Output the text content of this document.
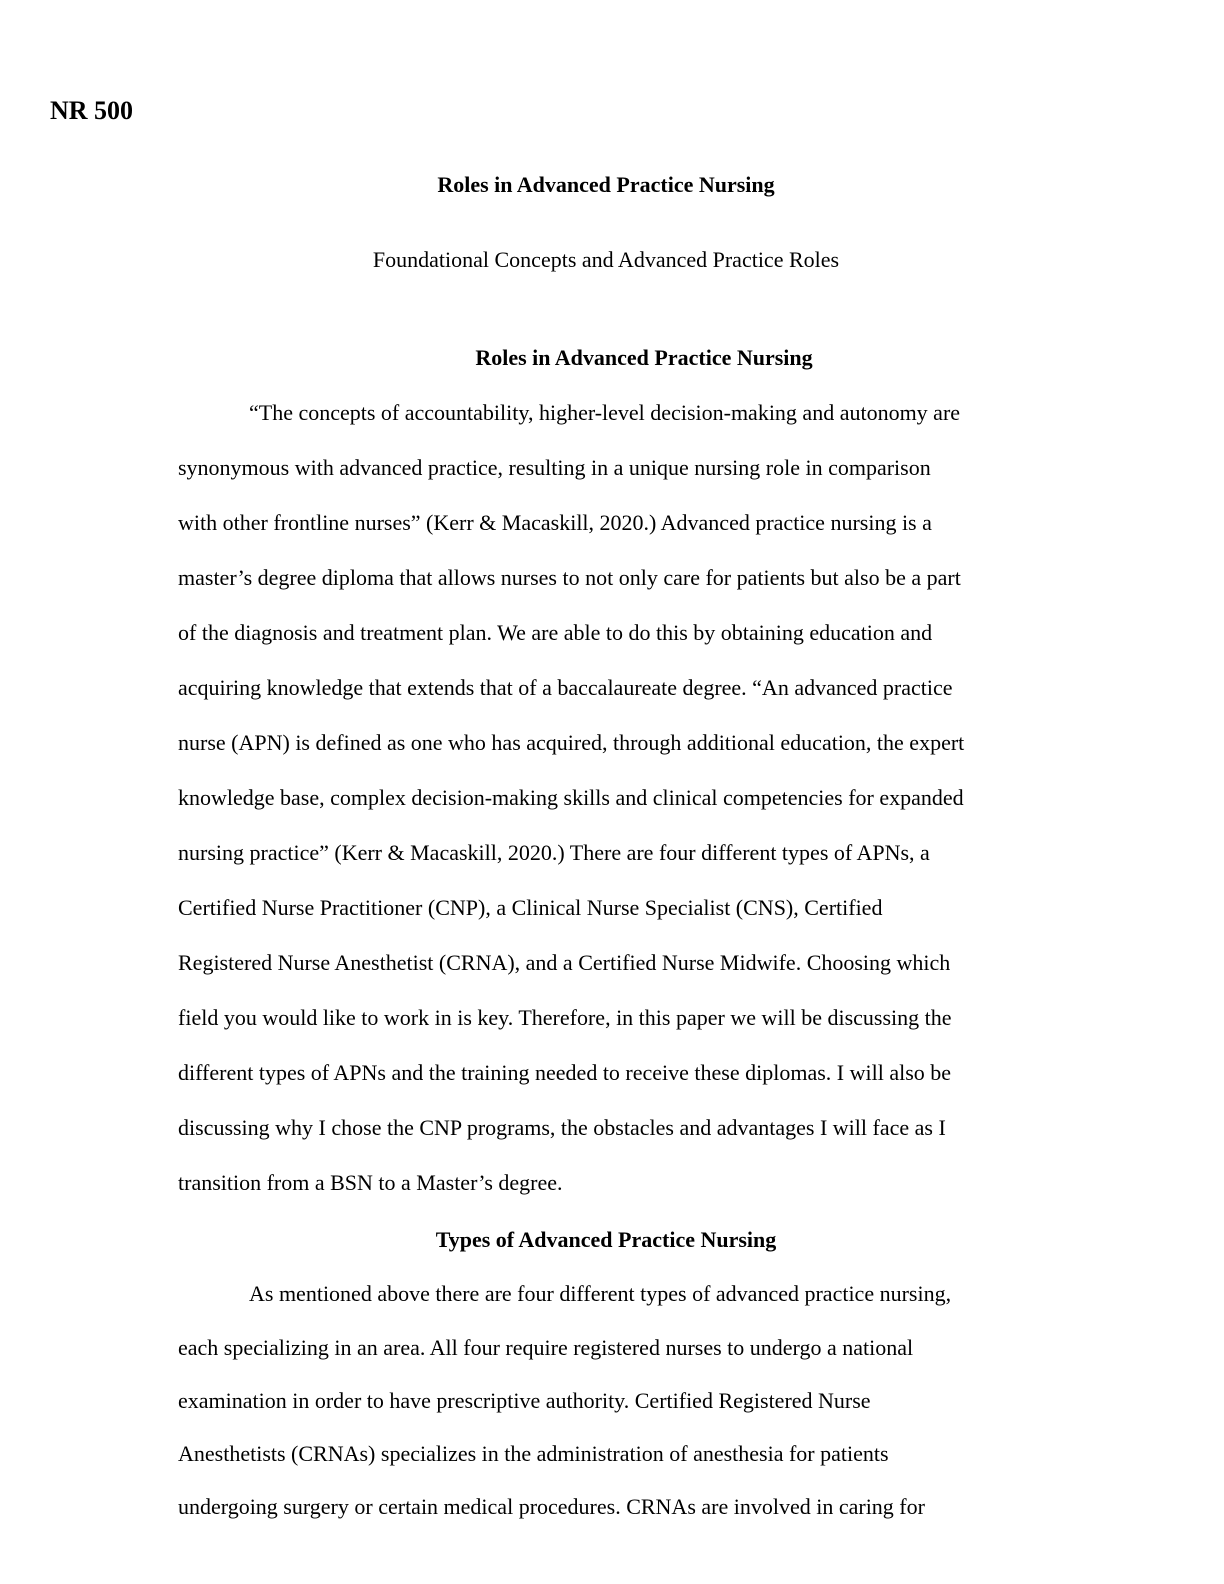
NR 500
Roles in Advanced Practice Nursing
Foundational Concepts and Advanced Practice Roles
Roles in Advanced Practice Nursing
“The concepts of accountability, higher-level decision-making and autonomy are
synonymous with advanced practice, resulting in a unique nursing role in comparison
with other frontline nurses” (Kerr & Macaskill, 2020.) Advanced practice nursing is a
master’s degree diploma that allows nurses to not only care for patients but also be a part
of the diagnosis and treatment plan. We are able to do this by obtaining education and
acquiring knowledge that extends that of a baccalaureate degree. “An advanced practice
nurse (APN) is defined as one who has acquired, through additional education, the expert
knowledge base, complex decision-making skills and clinical competencies for expanded
nursing practice” (Kerr & Macaskill, 2020.) There are four different types of APNs, a
Certified Nurse Practitioner (CNP), a Clinical Nurse Specialist (CNS), Certified
Registered Nurse Anesthetist (CRNA), and a Certified Nurse Midwife. Choosing which
field you would like to work in is key. Therefore, in this paper we will be discussing the
different types of APNs and the training needed to receive these diplomas. I will also be
discussing why I chose the CNP programs, the obstacles and advantages I will face as I
transition from a BSN to a Master’s degree.
Types of Advanced Practice Nursing
As mentioned above there are four different types of advanced practice nursing,
each specializing in an area. All four require registered nurses to undergo a national
examination in order to have prescriptive authority. Certified Registered Nurse
Anesthetists (CRNAs) specializes in the administration of anesthesia for patients
undergoing surgery or certain medical procedures. CRNAs are involved in caring for
